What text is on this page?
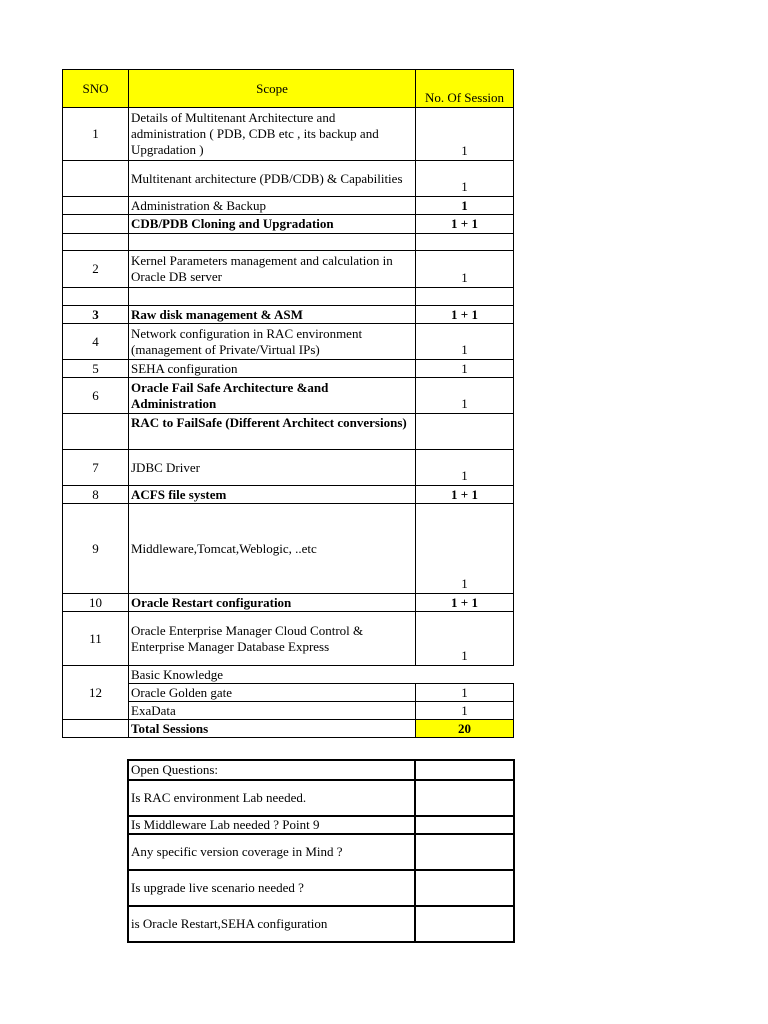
SNO	Scope	No. Of Session
1	Details of Multitenant Architecture and administration ( PDB, CDB etc , its backup and Upgradation )	1
	Multitenant architecture (PDB/CDB) & Capabilities	1
	Administration & Backup	1
	CDB/PDB Cloning and Upgradation	1 + 1

2	Kernel Parameters management and calculation in Oracle DB server	1

3	Raw disk management & ASM	1 + 1
4	Network configuration in RAC environment (management of Private/Virtual IPs)	1
5	SEHA configuration	1
6	Oracle Fail Safe Architecture &and Administration	1
	RAC to FailSafe (Different Architect conversions)	
7	JDBC Driver	1
8	ACFS file system	1 + 1
9	Middleware,Tomcat,Weblogic, ..etc	1
10	Oracle Restart configuration	1 + 1
11	Oracle Enterprise Manager Cloud Control & Enterprise Manager Database Express	1
12	Basic Knowledge	
	Oracle Golden gate	1
	ExaData	1
	Total Sessions	20
Open Questions:	
Is RAC environment Lab needed.	
Is Middleware Lab needed ? Point 9	
Any specific version coverage in Mind ?	
Is upgrade live scenario needed ?	
is Oracle Restart,SEHA configuration	
